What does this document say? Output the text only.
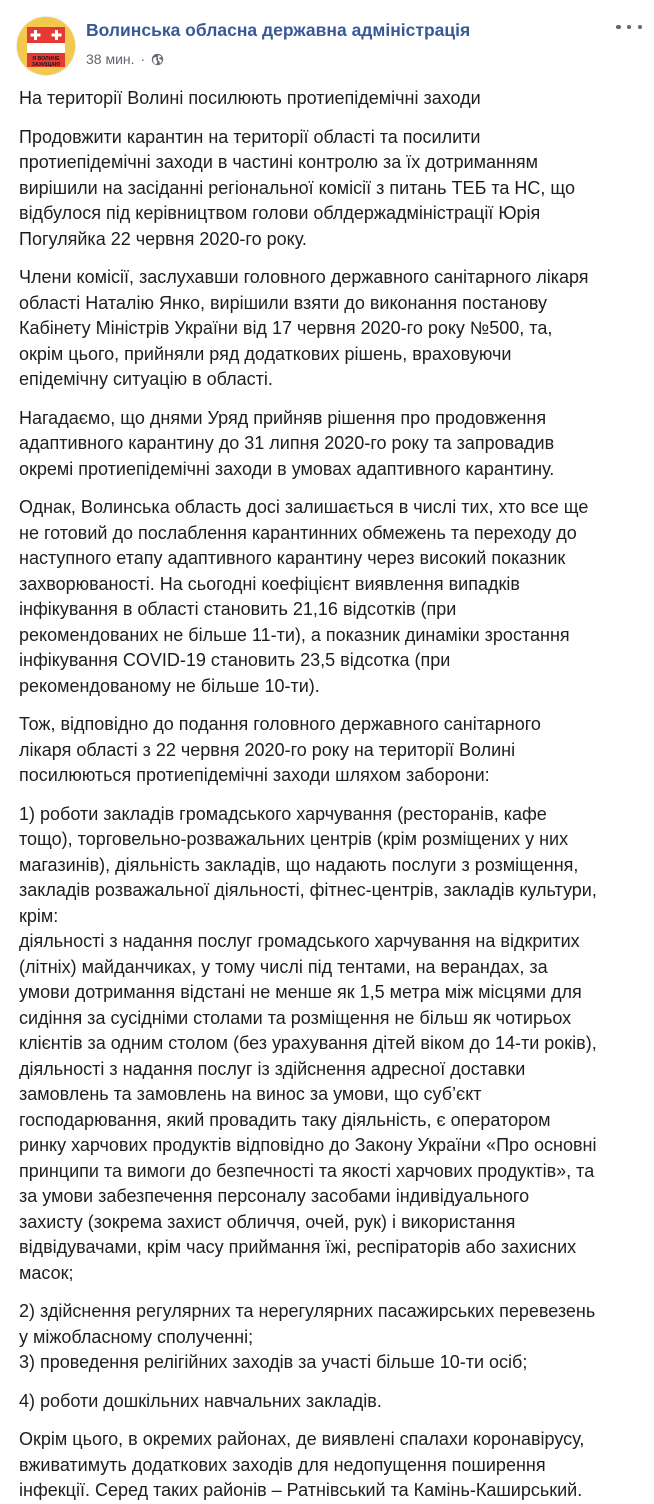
Я ВОЛИНЕ
ЗАХИЩАЮ
Волинська обласна державна адміністрація
38 мин. ·

На території Волині посилюють протиепідемічні заходи

Продовжити карантин на території області та посилити

протиепідемічні заходи в частині контролю за їх дотриманням

вирішили на засіданні регіональної комісії з питань ТЕБ та НС, що

відбулося під керівництвом голови облдержадміністрації Юрія

Погуляйка 22 червня 2020-го року.

Члени комісії, заслухавши головного державного санітарного лікаря

області Наталію Янко, вирішили взяти до виконання постанову

Кабінету Міністрів України від 17 червня 2020-го року №500, та,

окрім цього, прийняли ряд додаткових рішень, враховуючи

епідемічну ситуацію в області.

Нагадаємо, що днями Уряд прийняв рішення про продовження

адаптивного карантину до 31 липня 2020-го року та запровадив

окремі протиепідемічні заходи в умовах адаптивного карантину.

Однак, Волинська область досі залишається в числі тих, хто все ще

не готовий до послаблення карантинних обмежень та переходу до

наступного етапу адаптивного карантину через високий показник

захворюваності. На сьогодні коефіцієнт виявлення випадків

інфікування в області становить 21,16 відсотків (при

рекомендованих не більше 11-ти), а показник динаміки зростання

інфікування COVID-19 становить 23,5 відсотка (при

рекомендованому не більше 10-ти).

Тож, відповідно до подання головного державного санітарного

лікаря області з 22 червня 2020-го року на території Волині

посилюються протиепідемічні заходи шляхом заборони:

1) роботи закладів громадського харчування (ресторанів, кафе

тощо), торговельно-розважальних центрів (крім розміщених у них

магазинів), діяльність закладів, що надають послуги з розміщення,

закладів розважальної діяльності, фітнес-центрів, закладів культури,

крім:

діяльності з надання послуг громадського харчування на відкритих

(літніх) майданчиках, у тому числі під тентами, на верандах, за

умови дотримання відстані не менше як 1,5 метра між місцями для

сидіння за сусідніми столами та розміщення не більш як чотирьох

клієнтів за одним столом (без урахування дітей віком до 14-ти років),

діяльності з надання послуг із здійснення адресної доставки

замовлень та замовлень на винос за умови, що суб’єкт

господарювання, який провадить таку діяльність, є оператором

ринку харчових продуктів відповідно до Закону України «Про основні

принципи та вимоги до безпечності та якості харчових продуктів», та

за умови забезпечення персоналу засобами індивідуального

захисту (зокрема захист обличчя, очей, рук) і використання

відвідувачами, крім часу приймання їжі, респіраторів або захисних

масок;

2) здійснення регулярних та нерегулярних пасажирських перевезень

у міжобласному сполученні;

3) проведення релігійних заходів за участі більше 10-ти осіб;

4) роботи дошкільних навчальних закладів.

Окрім цього, в окремих районах, де виявлені спалахи коронавірусу,

вживатимуть додаткових заходів для недопущення поширення

інфекції. Серед таких районів – Ратнівський та Камінь-Каширський.
